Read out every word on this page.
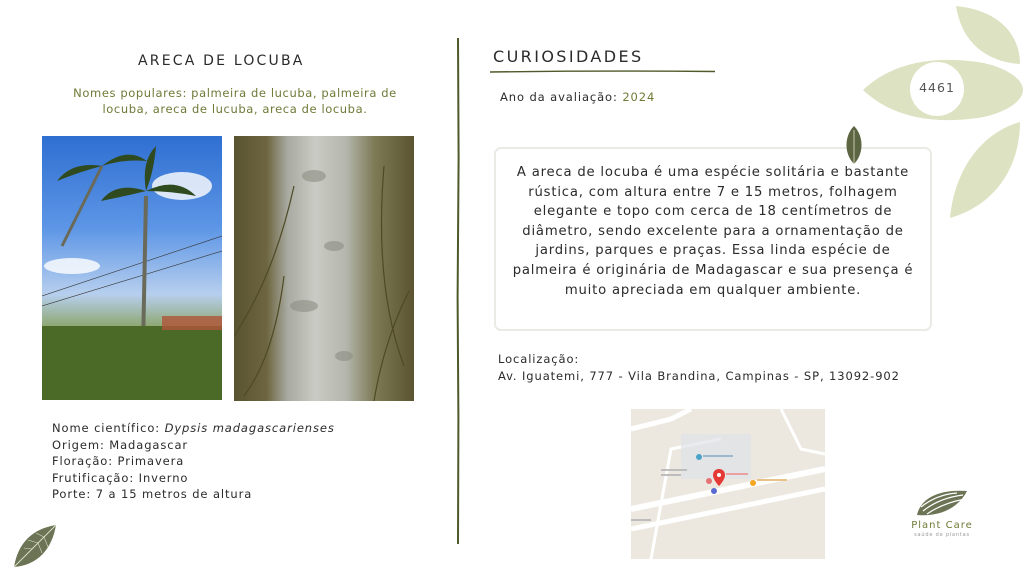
ARECA DE LOCUBA
Nomes populares: palmeira de lucuba, palmeira de locuba, areca de lucuba, areca de locuba.
Nome científico: Dypsis madagascarienses
Origem: Madagascar
Floração: Primavera
Frutificação: Inverno
Porte: 7 a 15 metros de altura
CURIOSIDADES
Ano da avaliação: 2024
A areca de locuba é uma espécie solitária e bastante rústica, com altura entre 7 e 15 metros, folhagem elegante e topo com cerca de 18 centímetros de diâmetro, sendo excelente para a ornamentação de jardins, parques e praças. Essa linda espécie de palmeira é originária de Madagascar e sua presença é muito apreciada em qualquer ambiente.
Localização:
Av. Iguatemi, 777 - Vila Brandina, Campinas - SP, 13092-902
4461
Plant Care
saúde de plantas
